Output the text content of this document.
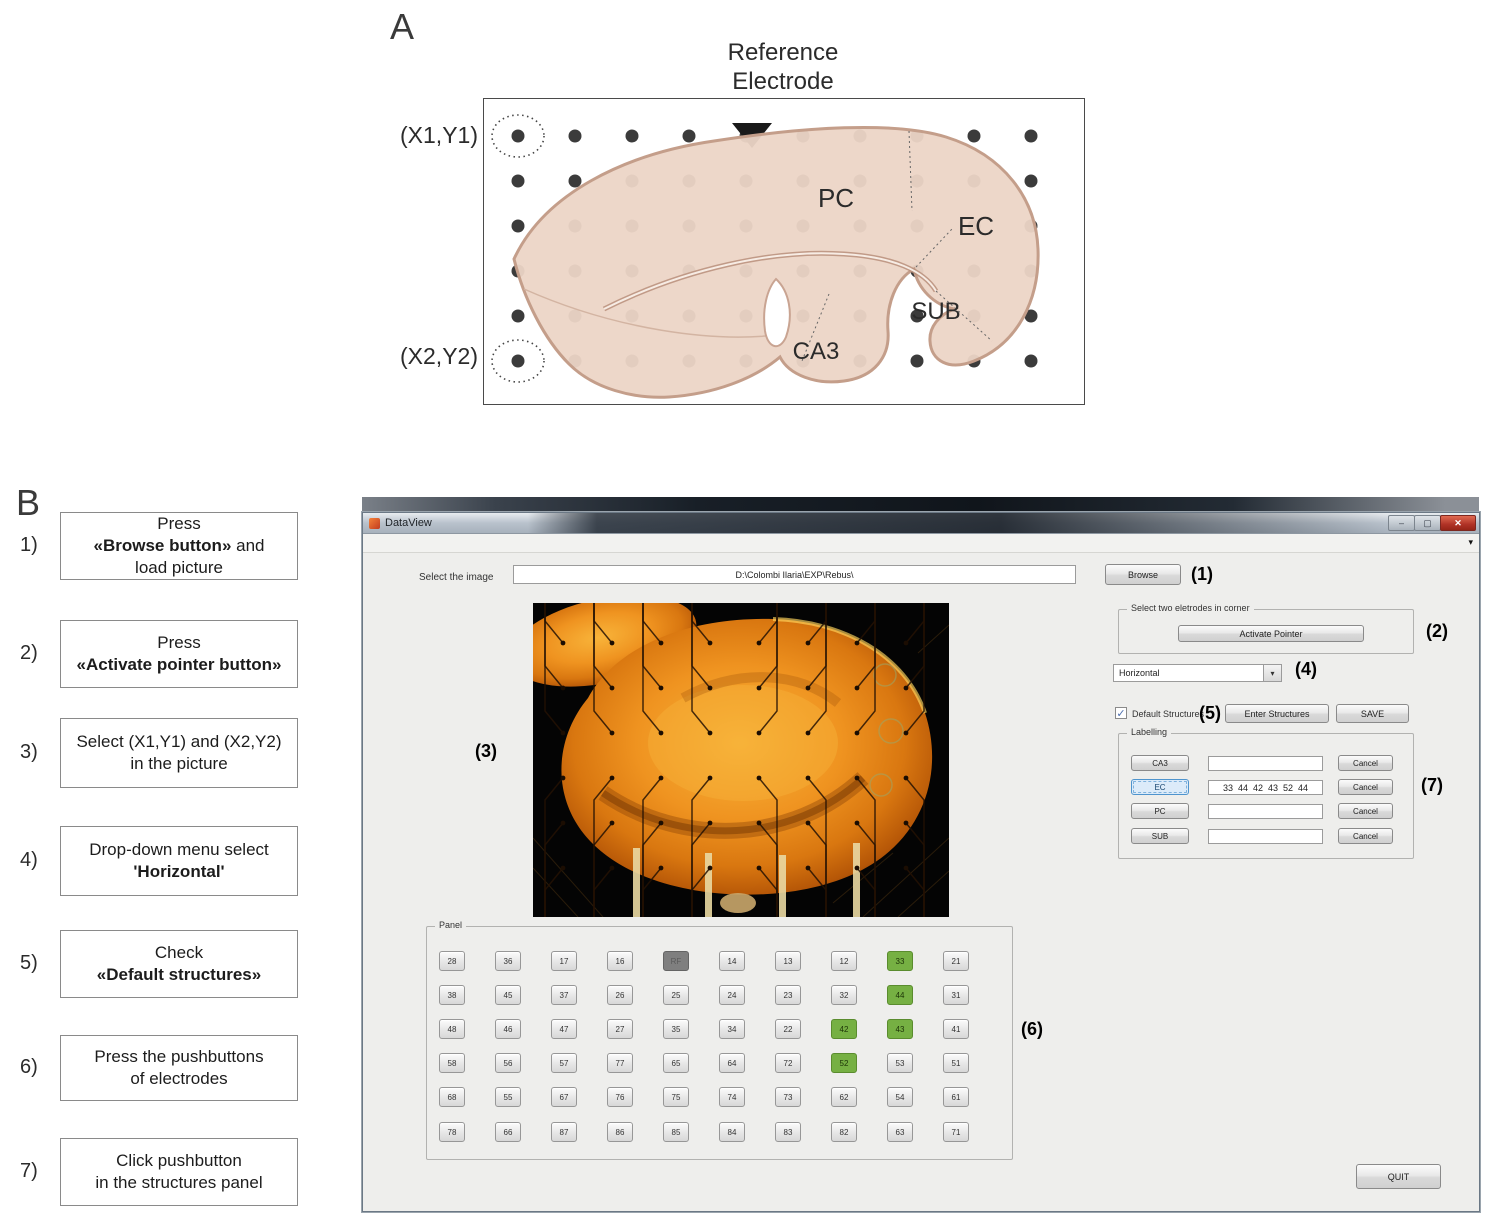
A
Reference
Electrode
(X1,Y1)
(X2,Y2)
PC
EC
SUB
CA3
B
1)
Press
«Browse button» and
load picture
2)	Press
«Activate pointer button»
3)	Select (X1,Y1) and (X2,Y2)
in the picture
4)	Drop-down menu select
'Horizontal'
5)	Check
«Default structures»
6)	Press the pushbuttons
of electrodes
7)	Click pushbutton
in the structures panel
DataView	–	▢	✕
▾
Select the image	D:\Colombi Ilaria\EXP\Rebus\	Browse	(1)
(3)
Select two eletrodes in corner
Activate Pointer	(2)
Horizontal	▾	(4)
✓ Default Structures
(5)	Enter Structures	SAVE
Labelling
CA3	Cancel
EC	33  44  42  43  52  44	Cancel
PC	Cancel
SUB	Cancel
(7)
Panel
28	36	17	16	RF	14	13	12	33	21
38	45	37	26	25	24	23	32	44	31
48	46	47	27	35	34	22	42	43	41
58	56	57	77	65	64	72	52	53	51
68	55	67	76	75	74	73	62	54	61
78	66	87	86	85	84	83	82	63	71
(6)
QUIT
